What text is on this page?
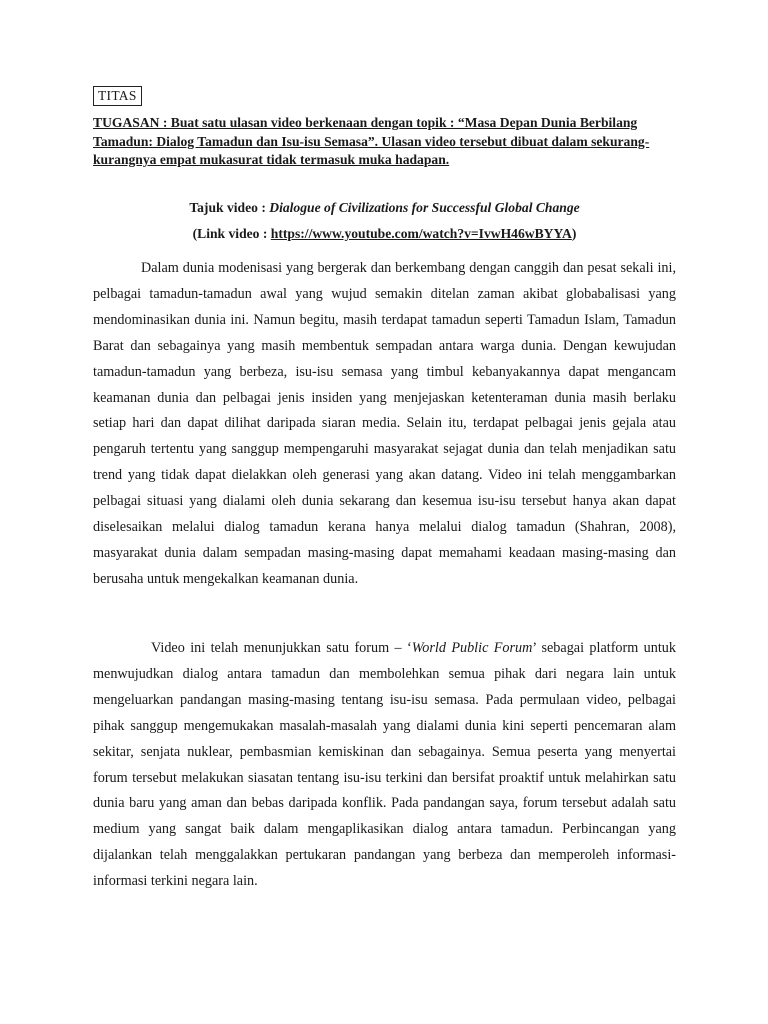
TITAS
TUGASAN : Buat satu ulasan video berkenaan dengan topik : “Masa Depan Dunia Berbilang Tamadun: Dialog Tamadun dan Isu-isu Semasa”. Ulasan video tersebut dibuat dalam sekurang-kurangnya empat mukasurat tidak termasuk muka hadapan.
Tajuk video : Dialogue of Civilizations for Successful Global Change
(Link video : https://www.youtube.com/watch?v=IvwH46wBYYA)

Dalam dunia modenisasi yang bergerak dan berkembang dengan canggih dan pesat sekali ini, pelbagai tamadun-tamadun awal yang wujud semakin ditelan zaman akibat globabalisasi yang mendominasikan dunia ini. Namun begitu, masih terdapat tamadun seperti Tamadun Islam, Tamadun Barat dan sebagainya yang masih membentuk sempadan antara warga dunia. Dengan kewujudan tamadun-tamadun yang berbeza, isu-isu semasa yang timbul kebanyakannya dapat mengancam keamanan dunia dan pelbagai jenis insiden yang menjejaskan ketenteraman dunia masih berlaku setiap hari dan dapat dilihat daripada siaran media. Selain itu, terdapat pelbagai jenis gejala atau pengaruh tertentu yang sanggup mempengaruhi masyarakat sejagat dunia dan telah menjadikan satu trend yang tidak dapat dielakkan oleh generasi yang akan datang. Video ini telah menggambarkan pelbagai situasi yang dialami oleh dunia sekarang dan kesemua isu-isu tersebut hanya akan dapat diselesaikan melalui dialog tamadun kerana hanya melalui dialog tamadun (Shahran, 2008), masyarakat dunia dalam sempadan masing-masing dapat memahami keadaan masing-masing dan berusaha untuk mengekalkan keamanan dunia.

Video ini telah menunjukkan satu forum – ‘World Public Forum’ sebagai platform untuk menwujudkan dialog antara tamadun dan membolehkan semua pihak dari negara lain untuk mengeluarkan pandangan masing-masing tentang isu-isu semasa. Pada permulaan video, pelbagai pihak sanggup mengemukakan masalah-masalah yang dialami dunia kini seperti pencemaran alam sekitar, senjata nuklear, pembasmian kemiskinan dan sebagainya. Semua peserta yang menyertai forum tersebut melakukan siasatan tentang isu-isu terkini dan bersifat proaktif untuk melahirkan satu dunia baru yang aman dan bebas daripada konflik. Pada pandangan saya, forum tersebut adalah satu medium yang sangat baik dalam mengaplikasikan dialog antara tamadun. Perbincangan yang dijalankan telah menggalakkan pertukaran pandangan yang berbeza dan memperoleh informasi-informasi terkini negara lain.
